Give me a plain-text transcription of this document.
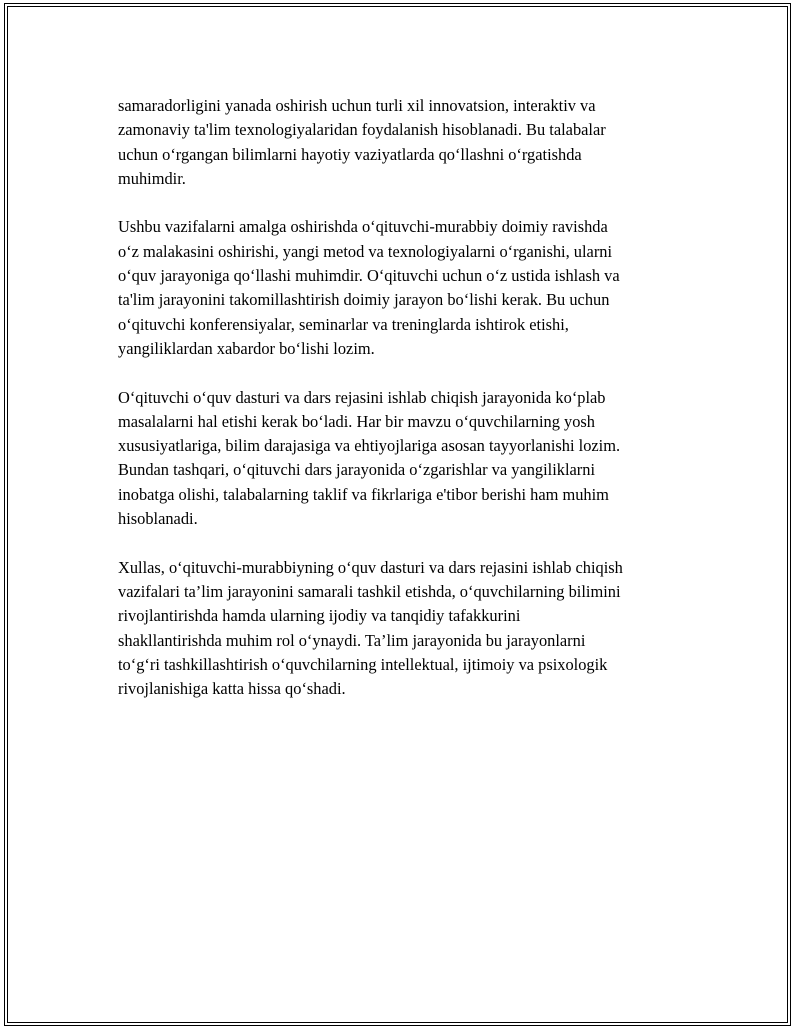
samaradorligini yanada oshirish uchun turli xil innovatsion, interaktiv va
zamonaviy ta'lim texnologiyalaridan foydalanish hisoblanadi. Bu talabalar
uchun o‘rgangan bilimlarni hayotiy vaziyatlarda qo‘llashni o‘rgatishda
muhimdir.

Ushbu vazifalarni amalga oshirishda o‘qituvchi-murabbiy doimiy ravishda
o‘z malakasini oshirishi, yangi metod va texnologiyalarni o‘rganishi, ularni
o‘quv jarayoniga qo‘llashi muhimdir. O‘qituvchi uchun o‘z ustida ishlash va
ta'lim jarayonini takomillashtirish doimiy jarayon bo‘lishi kerak. Bu uchun
o‘qituvchi konferensiyalar, seminarlar va treninglarda ishtirok etishi,
yangiliklardan xabardor bo‘lishi lozim.

O‘qituvchi o‘quv dasturi va dars rejasini ishlab chiqish jarayonida ko‘plab
masalalarni hal etishi kerak bo‘ladi. Har bir mavzu o‘quvchilarning yosh
xususiyatlariga, bilim darajasiga va ehtiyojlariga asosan tayyorlanishi lozim.
Bundan tashqari, o‘qituvchi dars jarayonida o‘zgarishlar va yangiliklarni
inobatga olishi, talabalarning taklif va fikrlariga e'tibor berishi ham muhim
hisoblanadi.

Xullas, o‘qituvchi-murabbiyning o‘quv dasturi va dars rejasini ishlab chiqish
vazifalari ta’lim jarayonini samarali tashkil etishda, o‘quvchilarning bilimini
rivojlantirishda hamda ularning ijodiy va tanqidiy tafakkurini
shakllantirishda muhim rol o‘ynaydi. Ta’lim jarayonida bu jarayonlarni
to‘g‘ri tashkillashtirish o‘quvchilarning intellektual, ijtimoiy va psixologik
rivojlanishiga katta hissa qo‘shadi.
